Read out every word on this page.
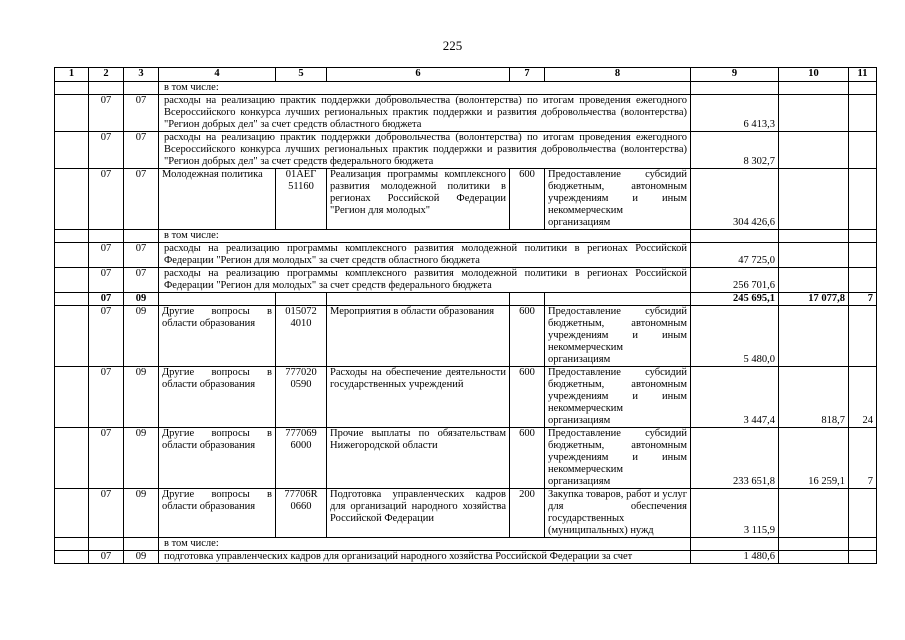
225
1	2	3	4	5	6	7	8	9	10	11
			в том числе:							
	07	07	расходы на реализацию практик поддержки добровольчества (волонтерства) по итогам проведения ежегодного Всероссийского конкурса лучших региональных практик поддержки и развития добровольчества (волонтерства) "Регион добрых дел" за счет средств областного бюджета					6 413,3		
	07	07	расходы на реализацию практик поддержки добровольчества (волонтерства) по итогам проведения ежегодного Всероссийского конкурса лучших региональных практик поддержки и развития добровольчества (волонтерства) "Регион добрых дел" за счет средств федерального бюджета					8 302,7		
	07	07	Молодежная политика	01АЕГ 51160	Реализация программы комплексного развития молодежной политики в регионах Российской Федерации "Регион для молодых"	600	Предоставление субсидий бюджетным, автономным учреждениям и иным некоммерческим организациям	304 426,6		
			в том числе:							
	07	07	расходы на реализацию программы комплексного развития молодежной политики в регионах Российской Федерации "Регион для молодых" за счет средств областного бюджета					47 725,0		
	07	07	расходы на реализацию программы комплексного развития молодежной политики в регионах Российской Федерации "Регион для молодых" за счет средств федерального бюджета					256 701,6		
	07	09						245 695,1	17 077,8	7
	07	09	Другие вопросы в области образования	015072 4010	Мероприятия в области образования	600	Предоставление субсидий бюджетным, автономным учреждениям и иным некоммерческим организациям	5 480,0		
	07	09	Другие вопросы в области образования	777020 0590	Расходы на обеспечение деятельности государственных учреждений	600	Предоставление субсидий бюджетным, автономным учреждениям и иным некоммерческим организациям	3 447,4	818,7	24
	07	09	Другие вопросы в области образования	777069 6000	Прочие выплаты по обязательствам Нижегородской области	600	Предоставление субсидий бюджетным, автономным учреждениям и иным некоммерческим организациям	233 651,8	16 259,1	7
	07	09	Другие вопросы в области образования	77706R 0660	Подготовка управленческих кадров для организаций народного хозяйства Российской Федерации	200	Закупка товаров, работ и услуг для обеспечения государственных (муниципальных) нужд	3 115,9		
			в том числе:							
	07	09	подготовка управленческих кадров для организаций народного хозяйства Российской Федерации за счет					1 480,6		
